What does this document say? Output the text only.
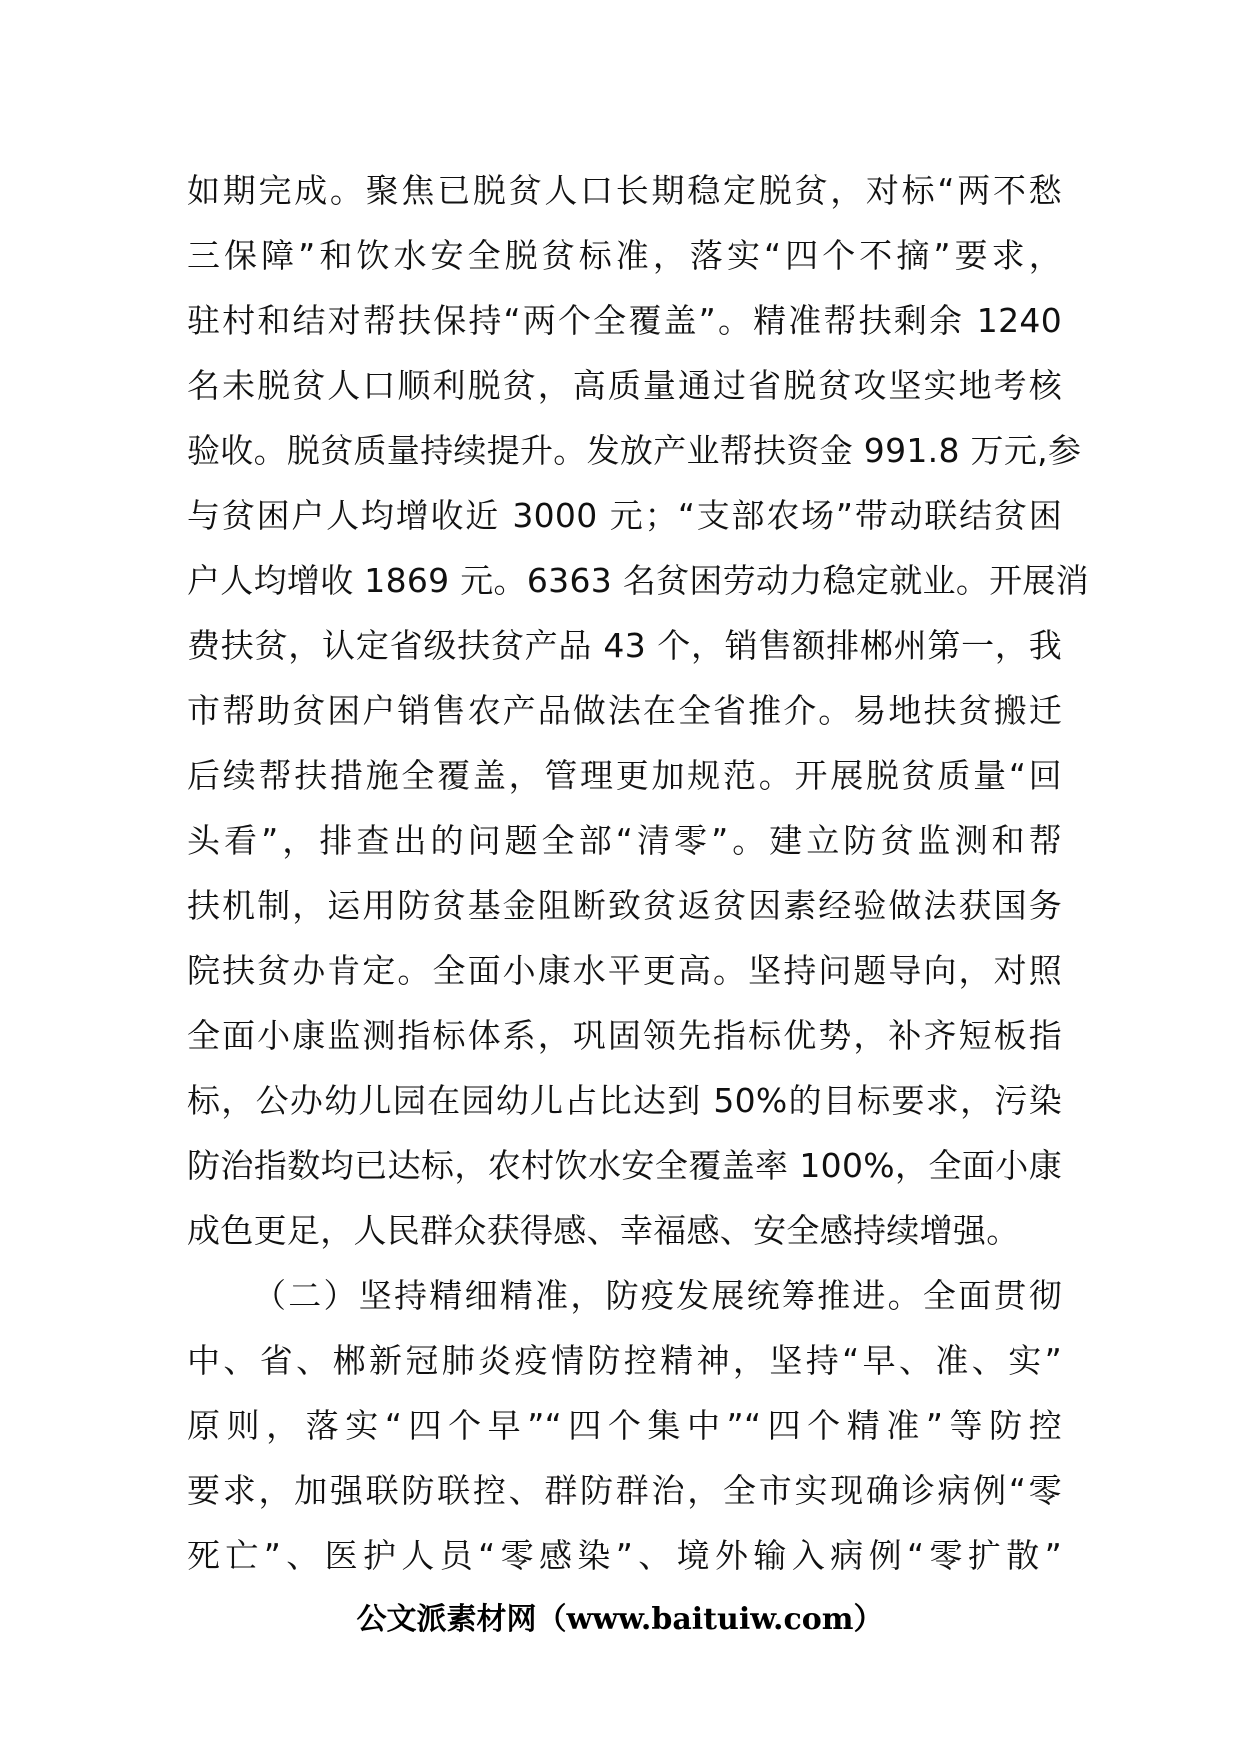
如期完成。聚焦已脱贫人口长期稳定脱贫，对标“两不愁
三保障”和饮水安全脱贫标准，落实“四个不摘”要求，
驻村和结对帮扶保持“两个全覆盖”。精准帮扶剩余 1240
名未脱贫人口顺利脱贫，高质量通过省脱贫攻坚实地考核
验收。脱贫质量持续提升。发放产业帮扶资金 991.8 万元,参
与贫困户人均增收近 3000 元；“支部农场”带动联结贫困
户人均增收 1869 元。6363 名贫困劳动力稳定就业。开展消
费扶贫，认定省级扶贫产品 43 个，销售额排郴州第一，我
市帮助贫困户销售农产品做法在全省推介。易地扶贫搬迁
后续帮扶措施全覆盖，管理更加规范。开展脱贫质量“回
头看”，排查出的问题全部“清零”。建立防贫监测和帮
扶机制，运用防贫基金阻断致贫返贫因素经验做法获国务
院扶贫办肯定。全面小康水平更高。坚持问题导向，对照
全面小康监测指标体系，巩固领先指标优势，补齐短板指
标，公办幼儿园在园幼儿占比达到 50%的目标要求，污染
防治指数均已达标，农村饮水安全覆盖率 100%，全面小康
成色更足，人民群众获得感、幸福感、安全感持续增强。
（二）坚持精细精准，防疫发展统筹推进。全面贯彻
中、省、郴新冠肺炎疫情防控精神，坚持“早、准、实”
原则，落实“四个早”“四个集中”“四个精准”等防控
要求，加强联防联控、群防群治，全市实现确诊病例“零
死亡”、医护人员“零感染”、境外输入病例“零扩散”
公文派素材网（www.baituiw.com）
